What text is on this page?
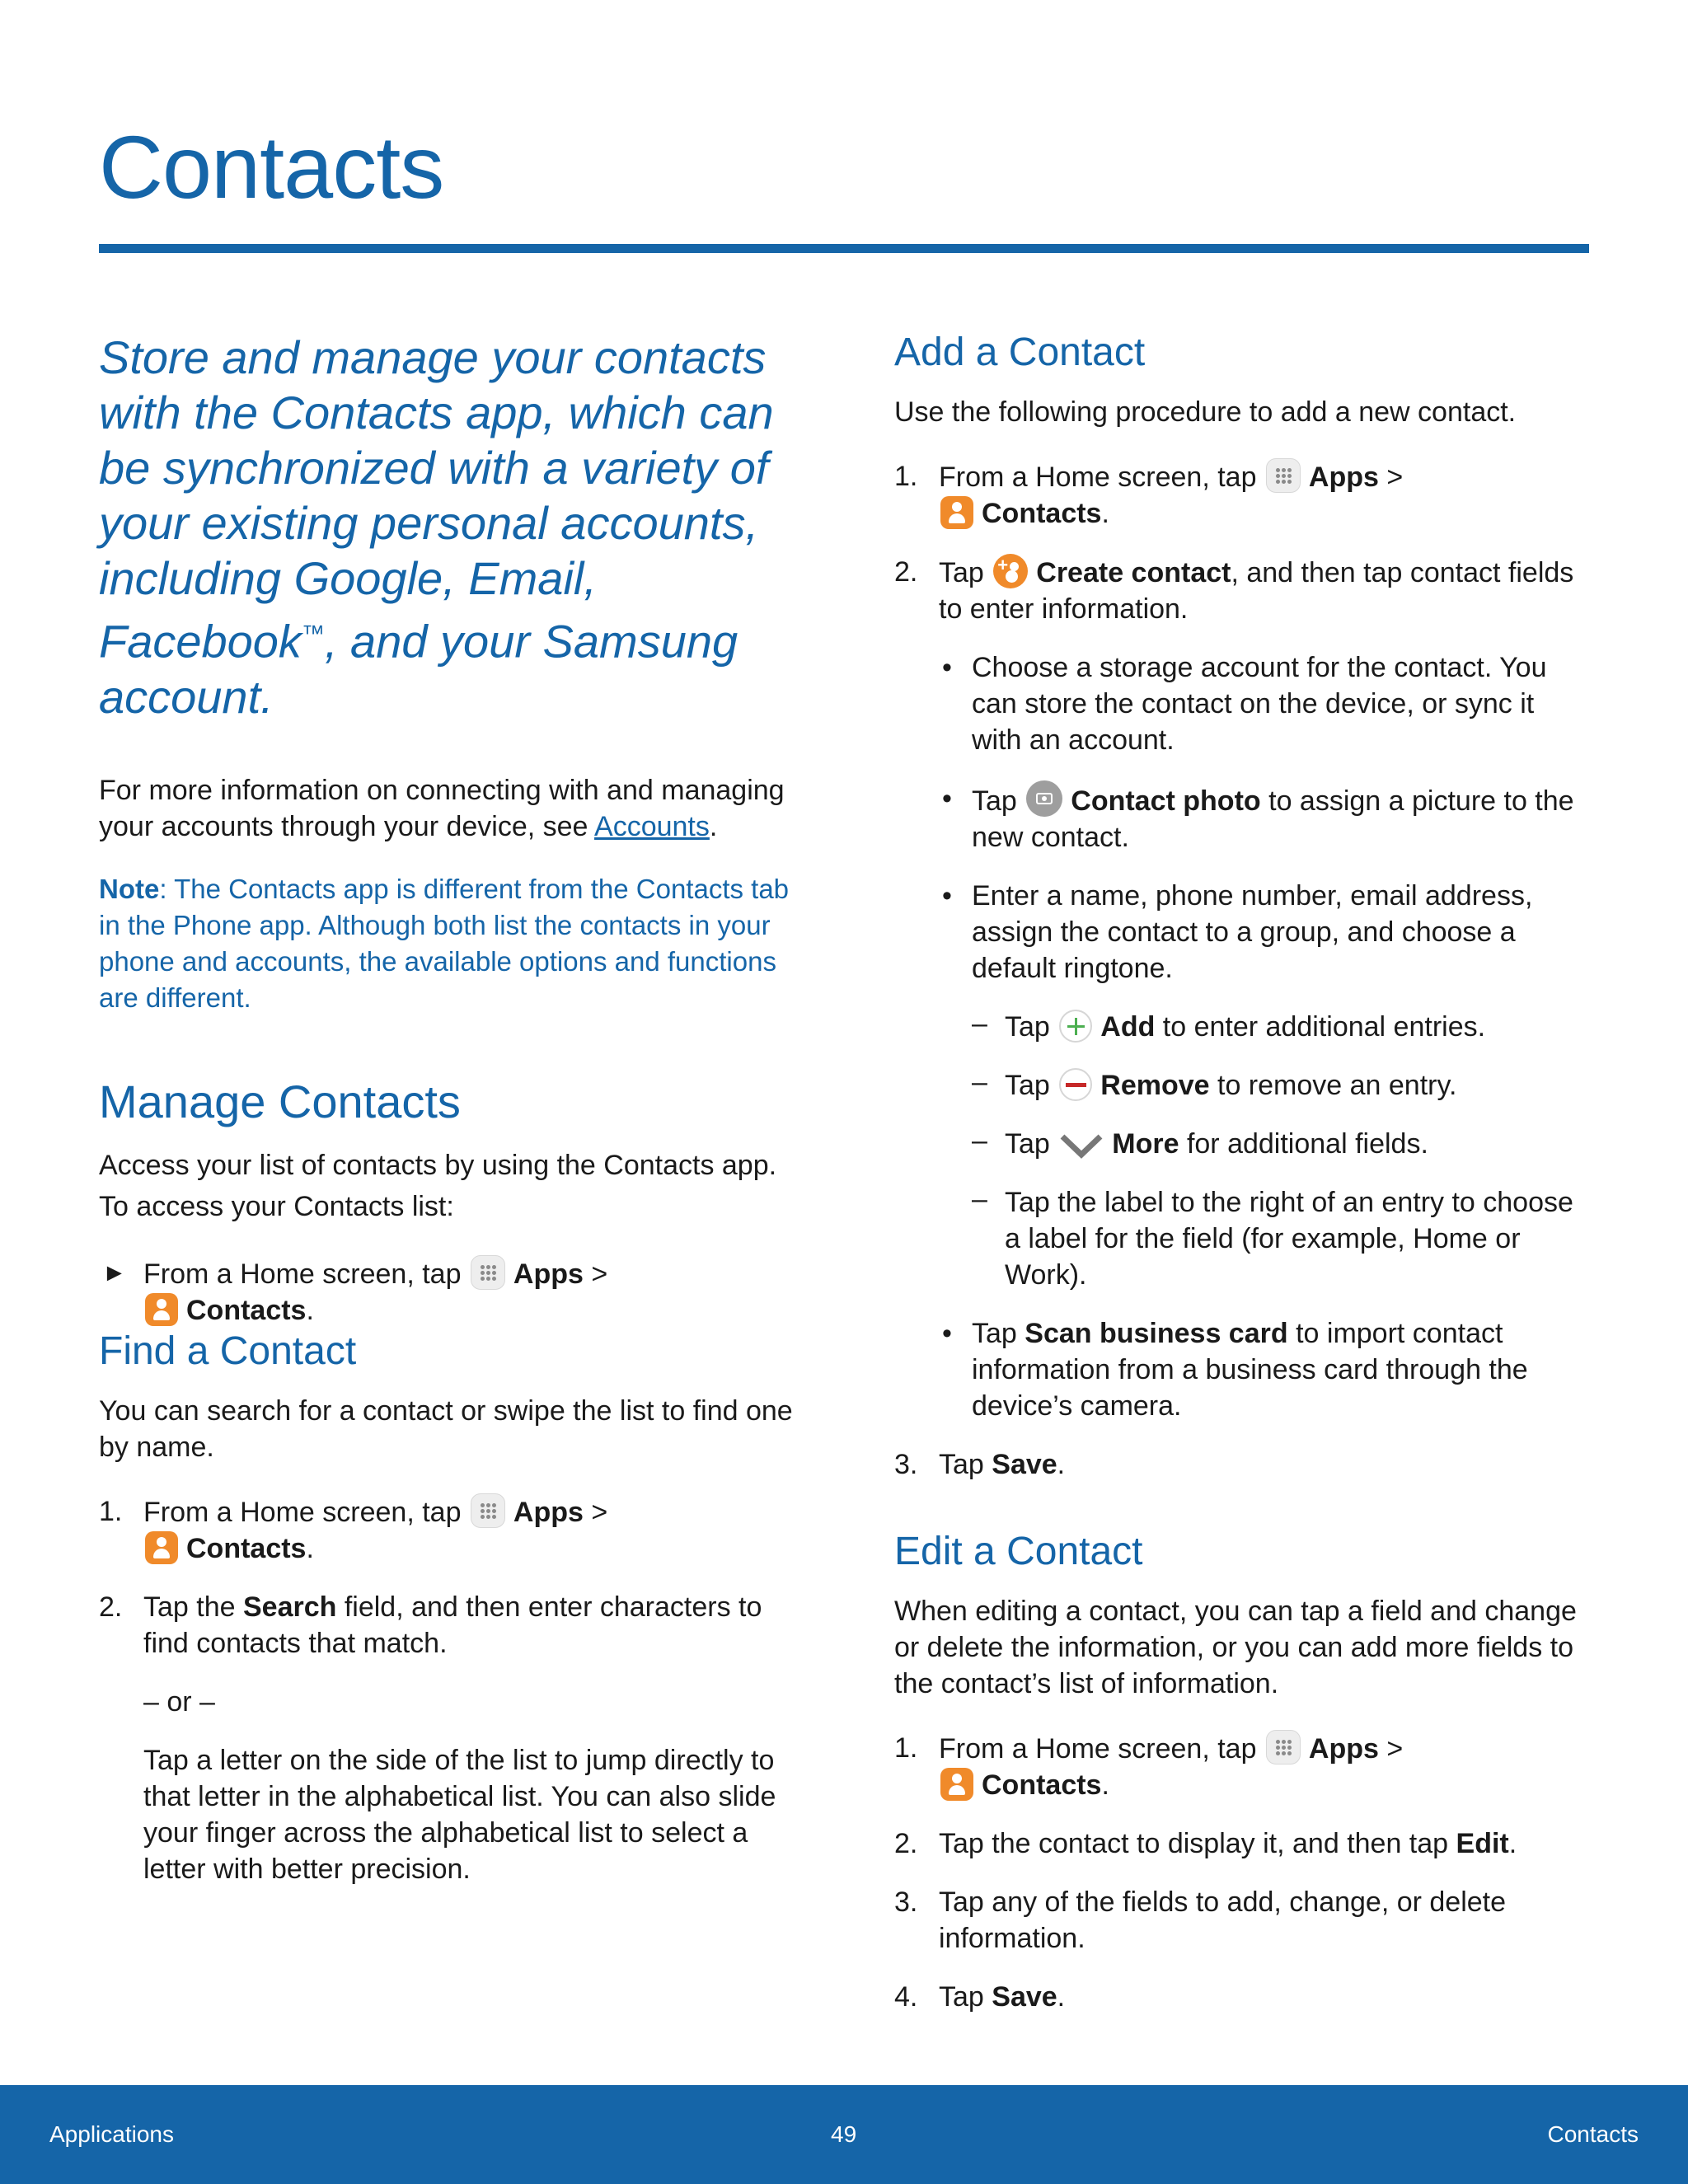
Contacts

Store and manage your contacts with the Contacts app, which can be synchronized with a variety of your existing personal accounts, including Google, Email, Facebook™, and your Samsung account.

For more information on connecting with and managing your accounts through your device, see Accounts.

Note: The Contacts app is different from the Contacts tab in the Phone app. Although both list the contacts in your phone and accounts, the available options and functions are different.

Manage Contacts

Access your list of contacts by using the Contacts app. To access your Contacts list:

► From a Home screen, tap
Apps >
Contacts.
Find a Contact

You can search for a contact or swipe the list to find one by name.

1. From a Home screen, tap
Apps >
Contacts.
2. Tap the Search field, and then enter characters to find contacts that match.
– or –
Tap a letter on the side of the list to jump directly to that letter in the alphabetical list. You can also slide your finger across the alphabetical list to select a letter with better precision.
Add a Contact

Use the following procedure to add a new contact.

1. From a Home screen, tap
Apps >
Contacts.
2. Tap +Create contact, and then tap contact fields to enter information.
• Choose a storage account for the contact. You can store the contact on the device, or sync it with an account.
• Tap Contact photo to assign a picture to the new contact.
• Enter a name, phone number, email address, assign the contact to a group, and choose a default ringtone.
– Tap Add to enter additional entries.
– Tap Remove to remove an entry.
– Tap More for additional fields.
– Tap the label to the right of an entry to choose a label for the field (for example, Home or Work).
• Tap Scan business card to import contact information from a business card through the device’s camera.
3. Tap Save.
Edit a Contact

When editing a contact, you can tap a field and change or delete the information, or you can add more fields to the contact’s list of information.

1. From a Home screen, tap
Apps >
Contacts.
2. Tap the contact to display it, and then tap Edit.
3. Tap any of the fields to add, change, or delete information.
4. Tap Save.
Applications	49	Contacts
